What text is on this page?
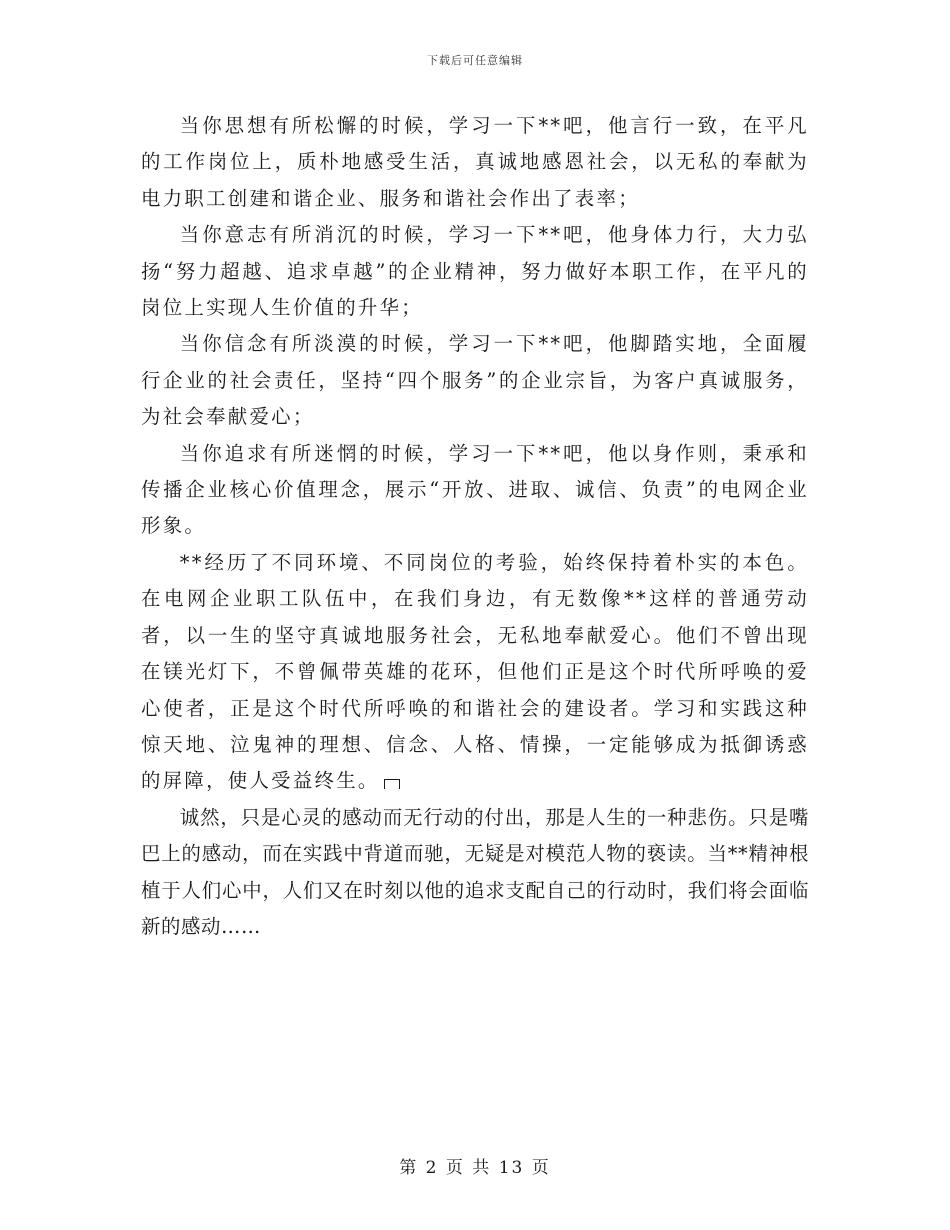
下载后可任意编辑

当你思想有所松懈的时候，学习一下**吧，他言行一致，在平凡的工作岗位上，质朴地感受生活，真诚地感恩社会，以无私的奉献为电力职工创建和谐企业、服务和谐社会作出了表率；

当你意志有所消沉的时候，学习一下**吧，他身体力行，大力弘扬“努力超越、追求卓越”的企业精神，努力做好本职工作，在平凡的岗位上实现人生价值的升华；

当你信念有所淡漠的时候，学习一下**吧，他脚踏实地，全面履行企业的社会责任，坚持“四个服务”的企业宗旨，为客户真诚服务，为社会奉献爱心；

当你追求有所迷惘的时候，学习一下**吧，他以身作则，秉承和传播企业核心价值理念，展示“开放、进取、诚信、负责”的电网企业形象。

**经历了不同环境、不同岗位的考验，始终保持着朴实的本色。在电网企业职工队伍中，在我们身边，有无数像**这样的普通劳动者，以一生的坚守真诚地服务社会，无私地奉献爱心。他们不曾出现在镁光灯下，不曾佩带英雄的花环，但他们正是这个时代所呼唤的爱心使者，正是这个时代所呼唤的和谐社会的建设者。学习和实践这种惊天地、泣鬼神的理想、信念、人格、情操，一定能够成为抵御诱惑的屏障，使人受益终生。

诚然，只是心灵的感动而无行动的付出，那是人生的一种悲伤。只是嘴巴上的感动，而在实践中背道而驰，无疑是对模范人物的亵读。当**精神根植于人们心中，人们又在时刻以他的追求支配自己的行动时，我们将会面临新的感动……

第 2 页 共 13 页
